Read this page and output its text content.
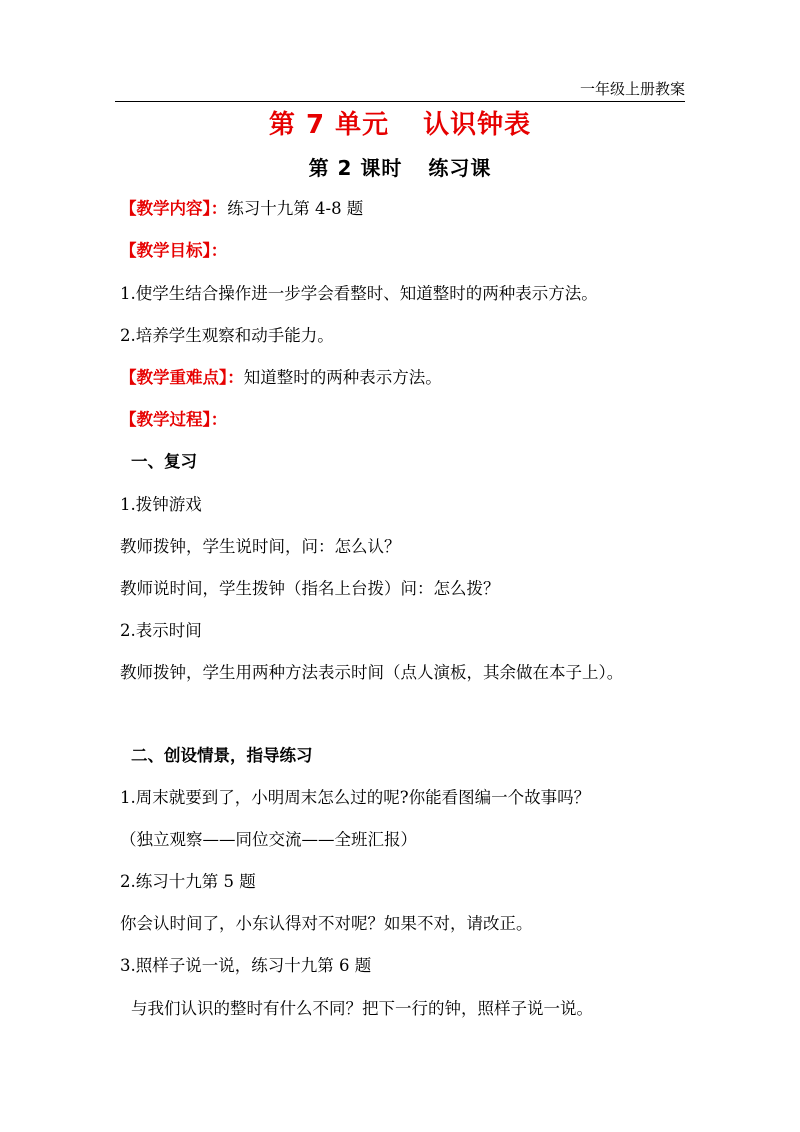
一年级上册教案
第 7 单元 认识钟表
第 2 课时 练习课
【教学内容】：练习十九第 4-8 题
【教学目标】：
1.使学生结合操作进一步学会看整时、知道整时的两种表示方法。
2.培养学生观察和动手能力。
【教学重难点】：知道整时的两种表示方法。
【教学过程】：
一、复习
1.拨钟游戏
教师拨钟，学生说时间，问：怎么认？
教师说时间，学生拨钟（指名上台拨）问：怎么拨？
2.表示时间
教师拨钟，学生用两种方法表示时间（点人演板，其余做在本子上）。
二、创设情景，指导练习
1.周末就要到了，小明周末怎么过的呢?你能看图编一个故事吗？
（独立观察——同位交流——全班汇报）
2.练习十九第 5 题
你会认时间了，小东认得对不对呢？如果不对，请改正。
3.照样子说一说，练习十九第 6 题
与我们认识的整时有什么不同？把下一行的钟，照样子说一说。
